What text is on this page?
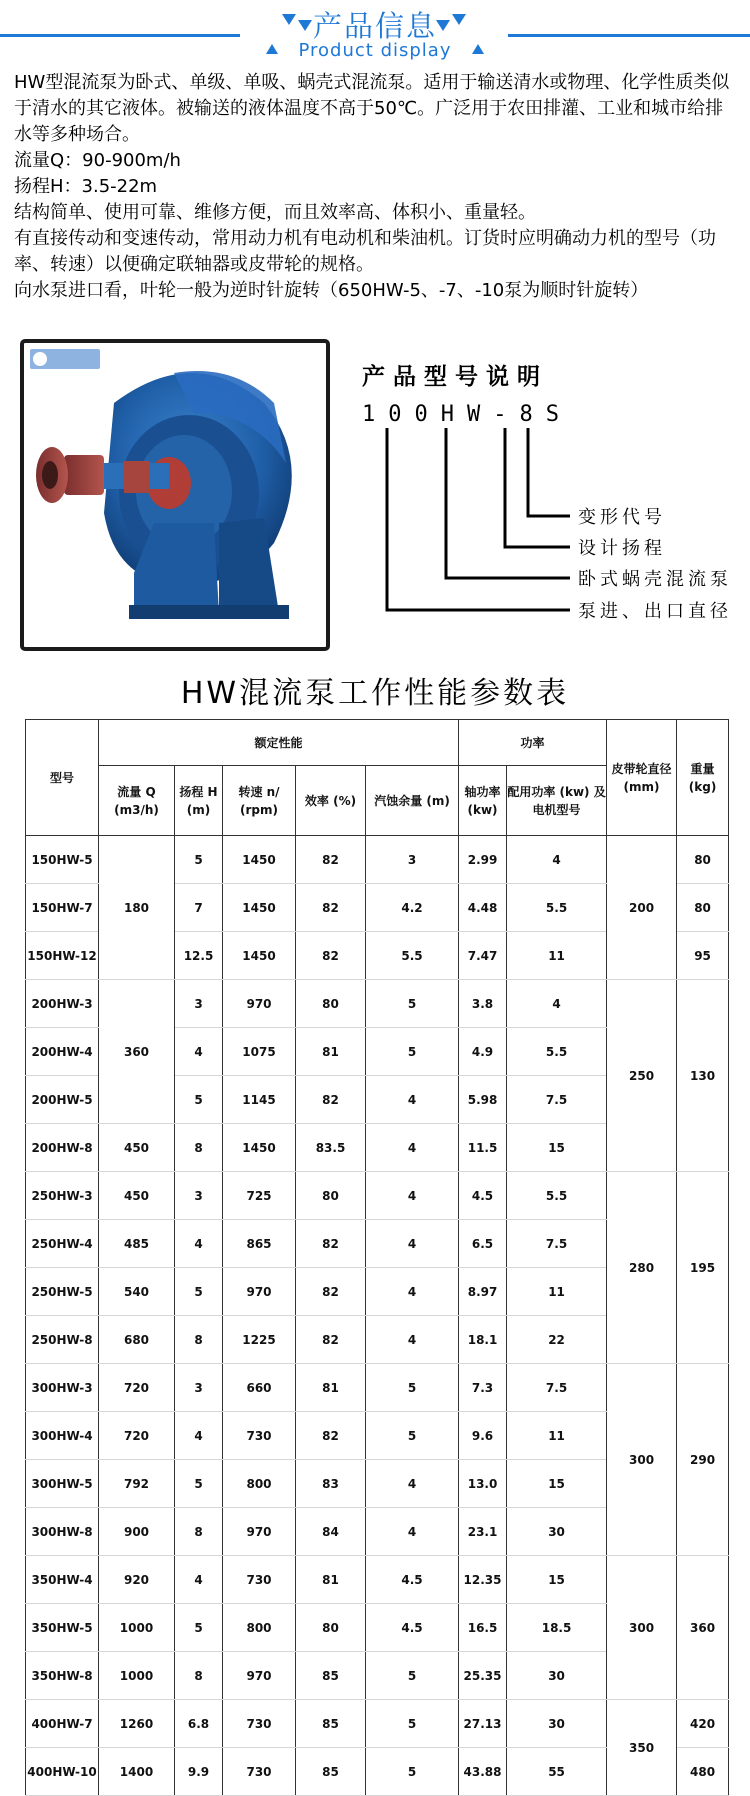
产品信息
Product display

HW型混流泵为卧式、单级、单吸、蜗壳式混流泵。适用于输送清水或物理、化学性质类似于清水的其它液体。被输送的液体温度不高于50℃。广泛用于农田排灌、工业和城市给排水等多种场合。

流量Q：90-900m/h

扬程H：3.5-22m

结构简单、使用可靠、维修方便，而且效率高、体积小、重量轻。

有直接传动和变速传动，常用动力机有电动机和柴油机。订货时应明确动力机的型号（功率、转速）以便确定联轴器或皮带轮的规格。

向水泵进口看，叶轮一般为逆时针旋转（650HW-5、-7、-10泵为顺时针旋转）

产品型号说明
100HW-8S
变形代号
设计扬程
卧式蜗壳混流泵
泵进、出口直径
HW混流泵工作性能参数表
型号	额定性能					功率		皮带轮直径(mm)	重量(kg)
	流量 Q (m3/h)	扬程 H (m)	转速 n/ (rpm)	效率 (%)	汽蚀余量 (m)	轴功率 (kw)	配用功率 (kw) 及电机型号		
150HW-5	180	5	1450	82	3	2.99	4	200	80
150HW-7		7	1450	82	4.2	4.48	5.5		80
150HW-12		12.5	1450	82	5.5	7.47	11		95
200HW-3	360	3	970	80	5	3.8	4	250	130
200HW-4		4	1075	81	5	4.9	5.5		
200HW-5		5	1145	82	4	5.98	7.5		
200HW-8	450	8	1450	83.5	4	11.5	15		
250HW-3	450	3	725	80	4	4.5	5.5	280	195
250HW-4	485	4	865	82	4	6.5	7.5		
250HW-5	540	5	970	82	4	8.97	11		
250HW-8	680	8	1225	82	4	18.1	22		
300HW-3	720	3	660	81	5	7.3	7.5	300	290
300HW-4	720	4	730	82	5	9.6	11		
300HW-5	792	5	800	83	4	13.0	15		
300HW-8	900	8	970	84	4	23.1	30		
350HW-4	920	4	730	81	4.5	12.35	15	300	360
350HW-5	1000	5	800	80	4.5	16.5	18.5		
350HW-8	1000	8	970	85	5	25.35	30		
400HW-7	1260	6.8	730	85	5	27.13	30	350	420
400HW-10	1400	9.9	730	85	5	43.88	55		480
